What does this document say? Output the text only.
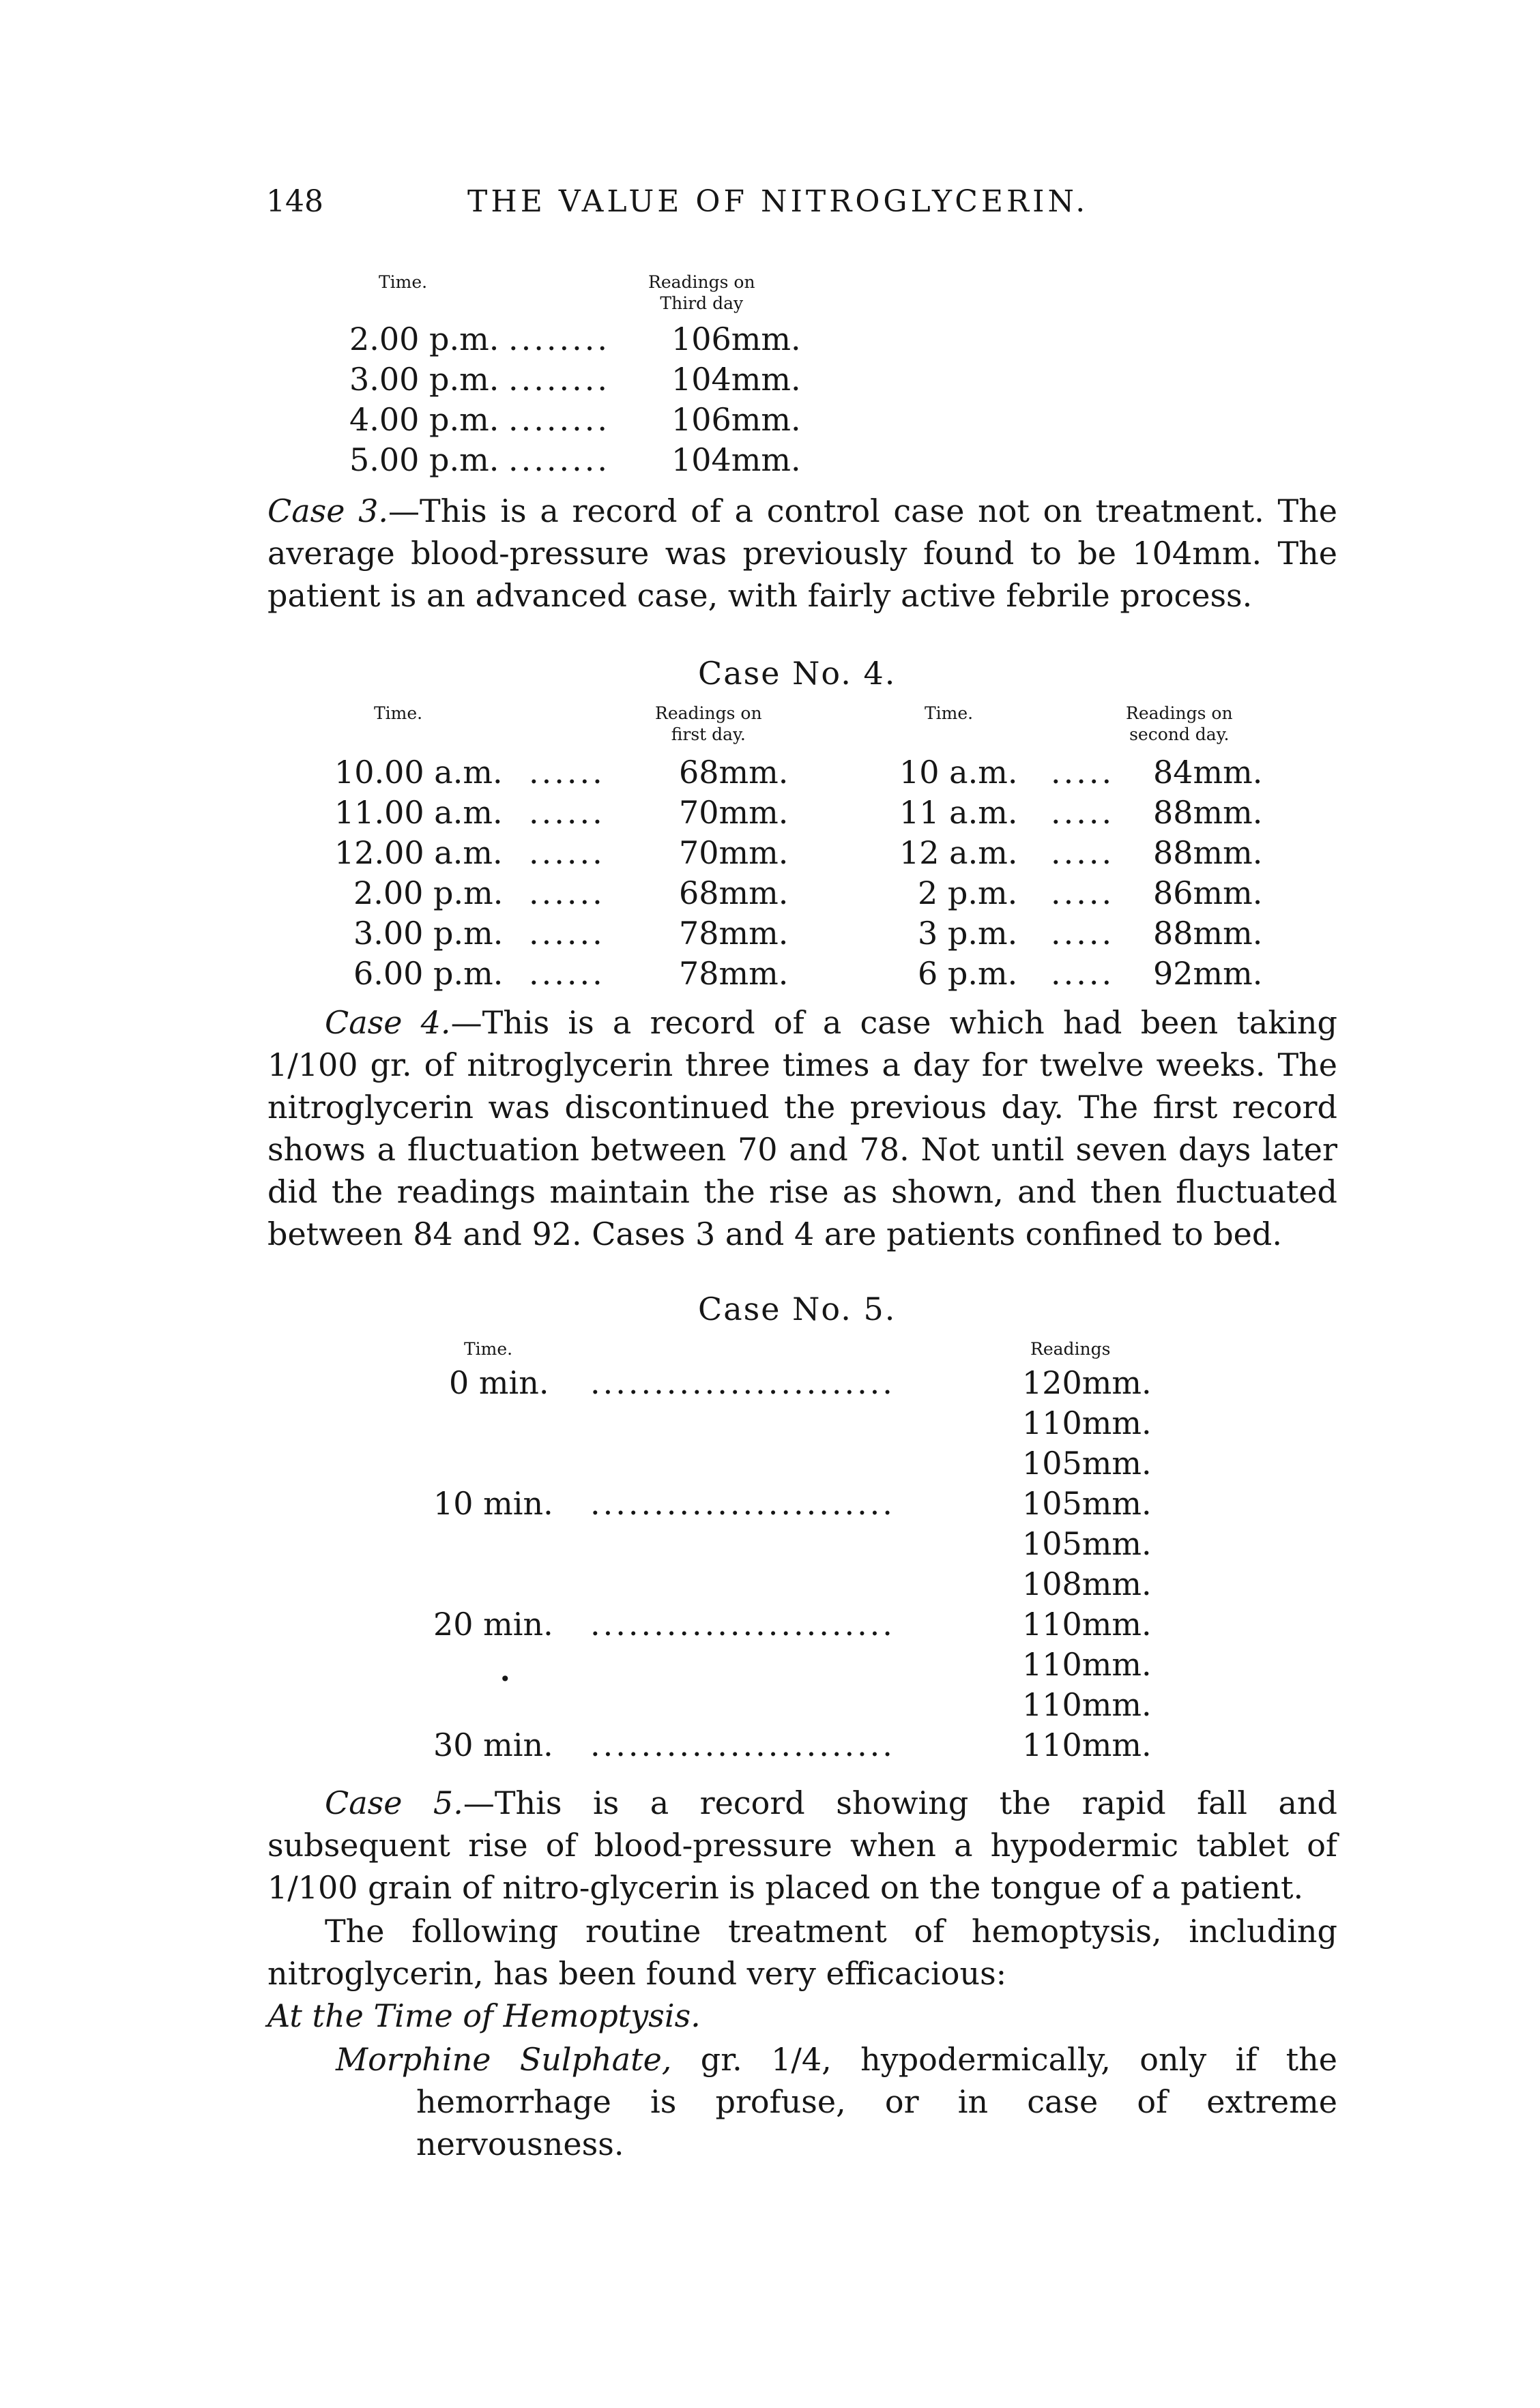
148	THE VALUE OF NITROGLYCERIN.
Time.	Readings on
Third day
2.00 p.m. ........ 106mm.
3.00 p.m. ........ 104mm.
4.00 p.m. ........ 106mm.
5.00 p.m. ........ 104mm.

Case 3.—This is a record of a control case not on treatment. The average blood-pressure was previously found to be 104mm. The patient is an advanced case, with fairly active febrile process.

Case No. 4.
Time.	Readings on
first day.
Time.	Readings on
second day.
10.00 a.m. ...... 68mm.	10 a.m. ..... 84mm.
11.00 a.m. ...... 70mm.	11 a.m. ..... 88mm.
12.00 a.m. ...... 70mm.	12 a.m. ..... 88mm.
2.00 p.m. ...... 68mm.	2 p.m. ..... 86mm.
3.00 p.m. ...... 78mm.	3 p.m. ..... 88mm.
6.00 p.m. ...... 78mm.	6 p.m. ..... 92mm.

Case 4.—This is a record of a case which had been taking 1/100 gr. of nitroglycerin three times a day for twelve weeks. The nitroglycerin was discontinued the previous day. The first record shows a fluctuation between 70 and 78. Not until seven days later did the readings maintain the rise as shown, and then fluctuated between 84 and 92. Cases 3 and 4 are patients confined to bed.

Case No. 5.
Time.	Readings
•
0 min. ........................	120mm.
110mm.
105mm.
10 min. ........................	105mm.
105mm.
108mm.
20 min. ........................	110mm.
110mm.
110mm.
30 min. ........................	110mm.

Case 5.—This is a record showing the rapid fall and subsequent rise of blood-pressure when a hypodermic tablet of 1/100 grain of nitro-glycerin is placed on the tongue of a patient.

The following routine treatment of hemoptysis, including nitroglycerin, has been found very efficacious:

At the Time of Hemoptysis.

Morphine Sulphate, gr. 1/4, hypodermically, only if the hemorrhage is profuse, or in case of extreme nervousness.
